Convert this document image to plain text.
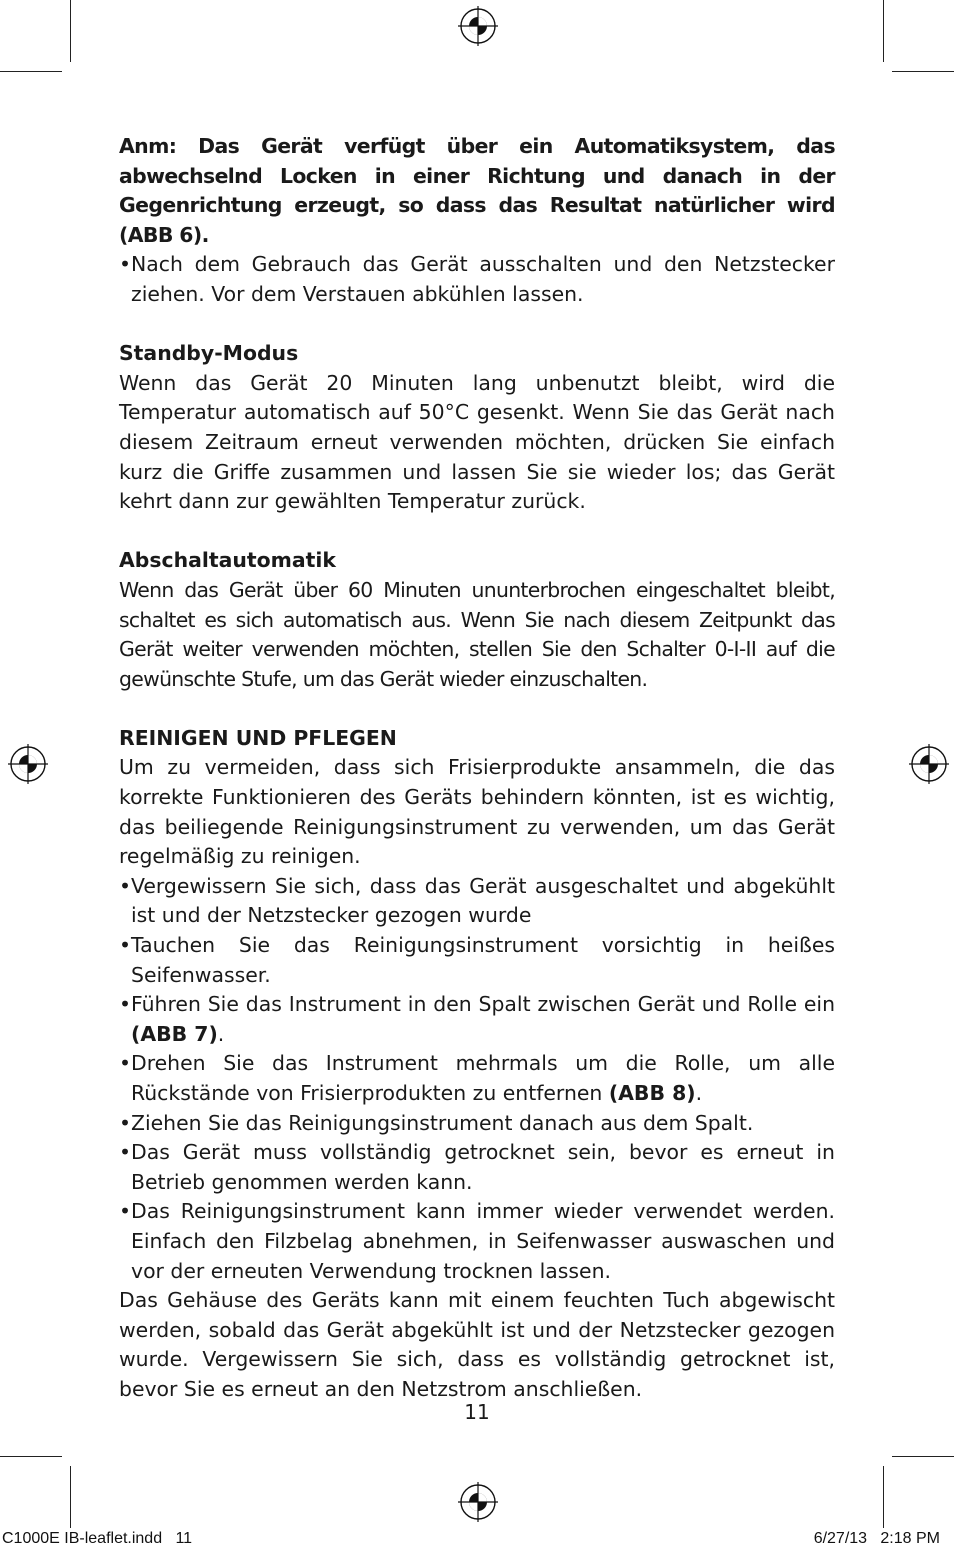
Anm: Das Gerät verfügt über ein Automatiksystem, das abwechselnd Locken in einer Richtung und danach in der Gegenrichtung erzeugt, so dass das Resultat natürlicher wird (ABB 6).

• Nach dem Gebrauch das Gerät ausschalten und den Netzstecker ziehen. Vor dem Verstauen abkühlen lassen.
Standby-Modus

Wenn das Gerät 20 Minuten lang unbenutzt bleibt, wird die Temperatur automatisch auf 50°C gesenkt. Wenn Sie das Gerät nach diesem Zeitraum erneut verwenden möchten, drücken Sie einfach kurz die Griffe zusammen und lassen Sie sie wieder los; das Gerät kehrt dann zur gewählten Temperatur zurück.

Abschaltautomatik

Wenn das Gerät über 60 Minuten ununterbrochen eingeschaltet bleibt, schaltet es sich automatisch aus. Wenn Sie nach diesem Zeitpunkt das Gerät weiter verwenden möchten, stellen Sie den Schalter 0-I-II auf die gewünschte Stufe, um das Gerät wieder einzuschalten.

REINIGEN UND PFLEGEN

Um zu vermeiden, dass sich Frisierprodukte ansammeln, die das korrekte Funktionieren des Geräts behindern könnten, ist es wichtig, das beiliegende Reinigungsinstrument zu verwenden, um das Gerät regelmäßig zu reinigen.

• Vergewissern Sie sich, dass das Gerät ausgeschaltet und abgekühlt ist und der Netzstecker gezogen wurde
• Tauchen Sie das Reinigungsinstrument vorsichtig in heißes Seifenwasser.
• Führen Sie das Instrument in den Spalt zwischen Gerät und Rolle ein (ABB 7).
• Drehen Sie das Instrument mehrmals um die Rolle, um alle Rückstände von Frisierprodukten zu entfernen (ABB 8).
• Ziehen Sie das Reinigungsinstrument danach aus dem Spalt.
• Das Gerät muss vollständig getrocknet sein, bevor es erneut in Betrieb genommen werden kann.
• Das Reinigungsinstrument kann immer wieder verwendet werden. Einfach den Filzbelag abnehmen, in Seifenwasser auswaschen und vor der erneuten Verwendung trocknen lassen.

Das Gehäuse des Geräts kann mit einem feuchten Tuch abgewischt werden, sobald das Gerät abgekühlt ist und der Netzstecker gezogen wurde. Vergewissern Sie sich, dass es vollständig getrocknet ist, bevor Sie es erneut an den Netzstrom anschließen.

11
C1000E IB-leaflet.indd   11	6/27/13   2:18 PM
